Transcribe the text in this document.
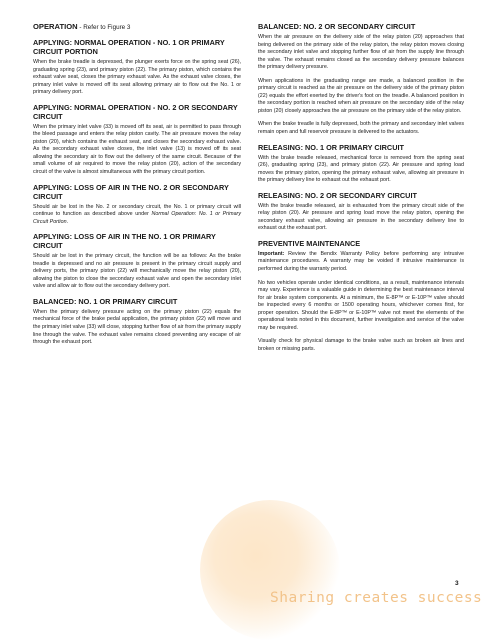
OPERATION - Refer to Figure 3
APPLYING: NORMAL OPERATION - NO. 1 OR PRIMARY CIRCUIT PORTION

When the brake treadle is depressed, the plunger exerts force on the spring seat (26), graduating spring (23), and primary piston (22). The primary piston, which contains the exhaust valve seat, closes the primary exhaust valve. As the exhaust valve closes, the primary inlet valve is moved off its seat allowing primary air to flow out the No. 1 or primary delivery port.

APPLYING: NORMAL OPERATION - NO. 2 OR SECONDARY CIRCUIT

When the primary inlet valve (33) is moved off its seat, air is permitted to pass through the bleed passage and enters the relay piston cavity. The air pressure moves the relay piston (20), which contains the exhaust seat, and closes the secondary exhaust valve. As the secondary exhaust valve closes, the inlet valve (13) is moved off its seat allowing the secondary air to flow out the delivery of the same circuit. Because of the small volume of air required to move the relay piston (20), action of the secondary circuit of the valve is almost simultaneous with the primary circuit portion.

APPLYING: LOSS OF AIR IN THE NO. 2 OR SECONDARY CIRCUIT

Should air be lost in the No. 2 or secondary circuit, the No. 1 or primary circuit will continue to function as described above under Normal Operation: No. 1 or Primary Circuit Portion.

APPLYING: LOSS OF AIR IN THE NO. 1 OR PRIMARY CIRCUIT

Should air be lost in the primary circuit, the function will be as follows: As the brake treadle is depressed and no air pressure is present in the primary circuit supply and delivery ports, the primary piston (22) will mechanically move the relay piston (20), allowing the piston to close the secondary exhaust valve and open the secondary inlet valve and allow air to flow out the secondary delivery port.

BALANCED: NO. 1 OR PRIMARY CIRCUIT

When the primary delivery pressure acting on the primary piston (22) equals the mechanical force of the brake pedal application, the primary piston (22) will move and the primary inlet valve (33) will close, stopping further flow of air from the primary supply line through the valve. The exhaust valve remains closed preventing any escape of air through the exhaust port.

BALANCED: NO. 2 OR SECONDARY CIRCUIT

When the air pressure on the delivery side of the relay piston (20) approaches that being delivered on the primary side of the relay piston, the relay piston moves closing the secondary inlet valve and stopping further flow of air from the supply line through the valve. The exhaust remains closed as the secondary delivery pressure balances the primary delivery pressure.

When applications in the graduating range are made, a balanced position in the primary circuit is reached as the air pressure on the delivery side of the primary piston (22) equals the effort exerted by the driver's foot on the treadle. A balanced position in the secondary portion is reached when air pressure on the secondary side of the relay piston (20) closely approaches the air pressure on the primary side of the relay piston.

When the brake treadle is fully depressed, both the primary and secondary inlet valves remain open and full reservoir pressure is delivered to the actuators.

RELEASING: NO. 1 OR PRIMARY CIRCUIT

With the brake treadle released, mechanical force is removed from the spring seat (26), graduating spring (23), and primary piston (22). Air pressure and spring load moves the primary piston, opening the primary exhaust valve, allowing air pressure in the primary delivery line to exhaust out the exhaust port.

RELEASING: NO. 2 OR SECONDARY CIRCUIT

With the brake treadle released, air is exhausted from the primary circuit side of the relay piston (20). Air pressure and spring load move the relay piston, opening the secondary exhaust valve, allowing air pressure in the secondary delivery line to exhaust out the exhaust port.

PREVENTIVE MAINTENANCE

Important: Review the Bendix Warranty Policy before performing any intrusive maintenance procedures. A warranty may be voided if intrusive maintenance is performed during the warranty period.

No two vehicles operate under identical conditions, as a result, maintenance intervals may vary. Experience is a valuable guide in determining the best maintenance interval for air brake system components. At a minimum, the E-8P™ or E-10P™ valve should be inspected every 6 months or 1500 operating hours, whichever comes first, for proper operation. Should the E-8P™ or E-10P™ valve not meet the elements of the operational tests noted in this document, further investigation and service of the valve may be required.

Visually check for physical damage to the brake valve such as broken air lines and broken or missing parts.

3
Sharing creates success
